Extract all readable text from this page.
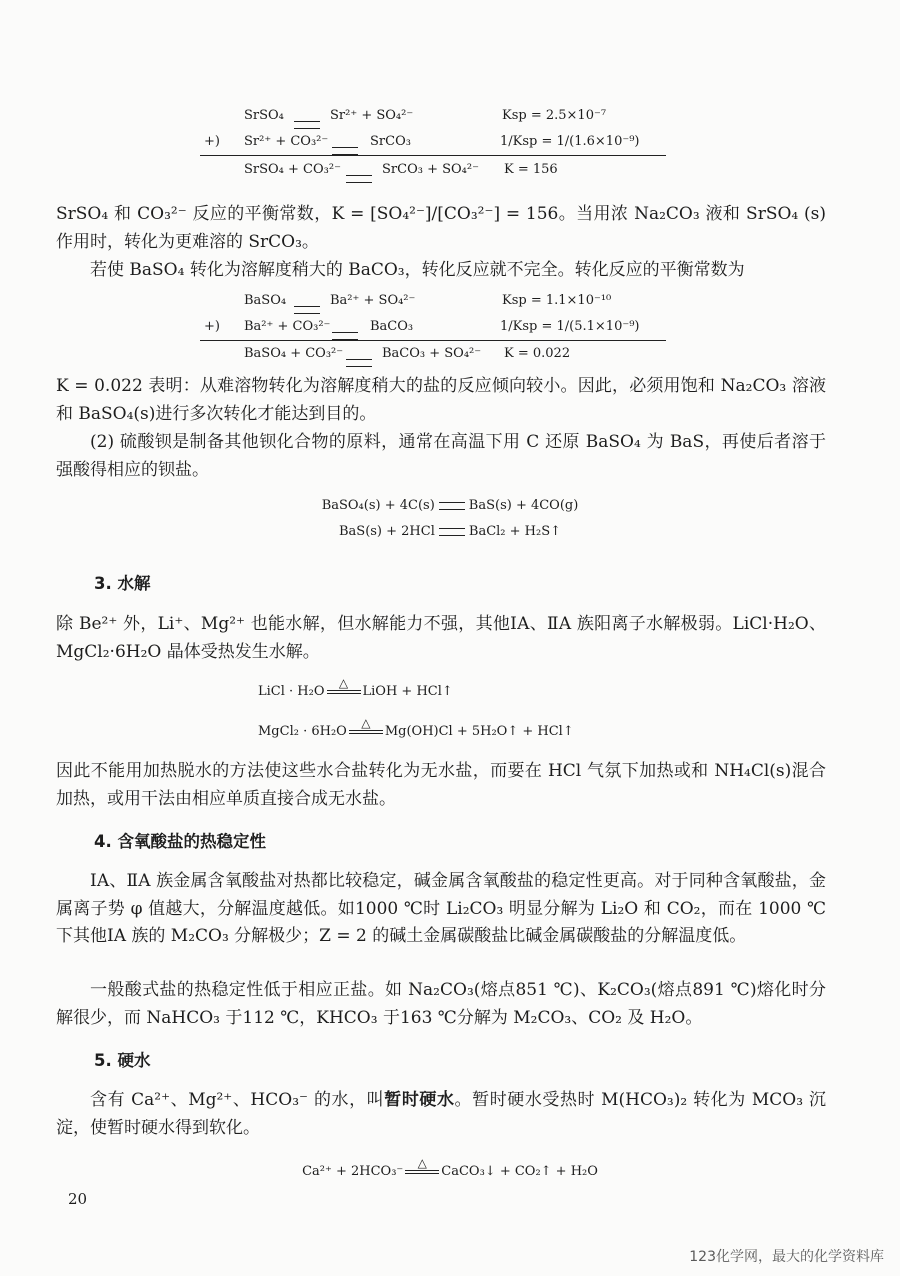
SrSO₄	Sr²⁺ + SO₄²⁻	Ksp = 2.5×10⁻⁷
+) Sr²⁺ + CO₃²⁻	SrCO₃	1/Ksp = 1/(1.6×10⁻⁹)
SrSO₄ + CO₃²⁻	SrCO₃ + SO₄²⁻ K = 156

SrSO₄ 和 CO₃²⁻ 反应的平衡常数，K = [SO₄²⁻]/[CO₃²⁻] = 156。当用浓 Na₂CO₃ 液和 SrSO₄ (s)作用时，转化为更难溶的 SrCO₃。

若使 BaSO₄ 转化为溶解度稍大的 BaCO₃，转化反应就不完全。转化反应的平衡常数为

BaSO₄	Ba²⁺ + SO₄²⁻	Ksp = 1.1×10⁻¹⁰
+) Ba²⁺ + CO₃²⁻	BaCO₃	1/Ksp = 1/(5.1×10⁻⁹)
BaSO₄ + CO₃²⁻	BaCO₃ + SO₄²⁻ K = 0.022

K = 0.022 表明：从难溶物转化为溶解度稍大的盐的反应倾向较小。因此，必须用饱和 Na₂CO₃ 溶液和 BaSO₄(s)进行多次转化才能达到目的。

(2) 硫酸钡是制备其他钡化合物的原料，通常在高温下用 C 还原 BaSO₄ 为 BaS，再使后者溶于强酸得相应的钡盐。

BaSO₄(s) + 4C(s)	BaS(s) + 4CO(g)
BaS(s) + 2HCl	BaCl₂ + H₂S↑
3. 水解

除 Be²⁺ 外，Li⁺、Mg²⁺ 也能水解，但水解能力不强，其他ⅠA、ⅡA 族阳离子水解极弱。LiCl·H₂O、MgCl₂·6H₂O 晶体受热发生水解。

LiCl · H₂O
△
LiOH + HCl↑
MgCl₂ · 6H₂O
△
Mg(OH)Cl + 5H₂O↑ + HCl↑

因此不能用加热脱水的方法使这些水合盐转化为无水盐，而要在 HCl 气氛下加热或和 NH₄Cl(s)混合加热，或用干法由相应单质直接合成无水盐。

4. 含氧酸盐的热稳定性

ⅠA、ⅡA 族金属含氧酸盐对热都比较稳定，碱金属含氧酸盐的稳定性更高。对于同种含氧酸盐，金属离子势 φ 值越大，分解温度越低。如1000 ℃时 Li₂CO₃ 明显分解为 Li₂O 和 CO₂，而在 1000 ℃下其他ⅠA 族的 M₂CO₃ 分解极少；Z = 2 的碱土金属碳酸盐比碱金属碳酸盐的分解温度低。

一般酸式盐的热稳定性低于相应正盐。如 Na₂CO₃(熔点851 ℃)、K₂CO₃(熔点891 ℃)熔化时分解很少，而 NaHCO₃ 于112 ℃，KHCO₃ 于163 ℃分解为 M₂CO₃、CO₂ 及 H₂O。

5. 硬水

含有 Ca²⁺、Mg²⁺、HCO₃⁻ 的水，叫暂时硬水。暂时硬水受热时 M(HCO₃)₂ 转化为 MCO₃ 沉淀，使暂时硬水得到软化。

Ca²⁺ + 2HCO₃⁻
△
CaCO₃↓ + CO₂↑ + H₂O
20
123化学网，最大的化学资料库
